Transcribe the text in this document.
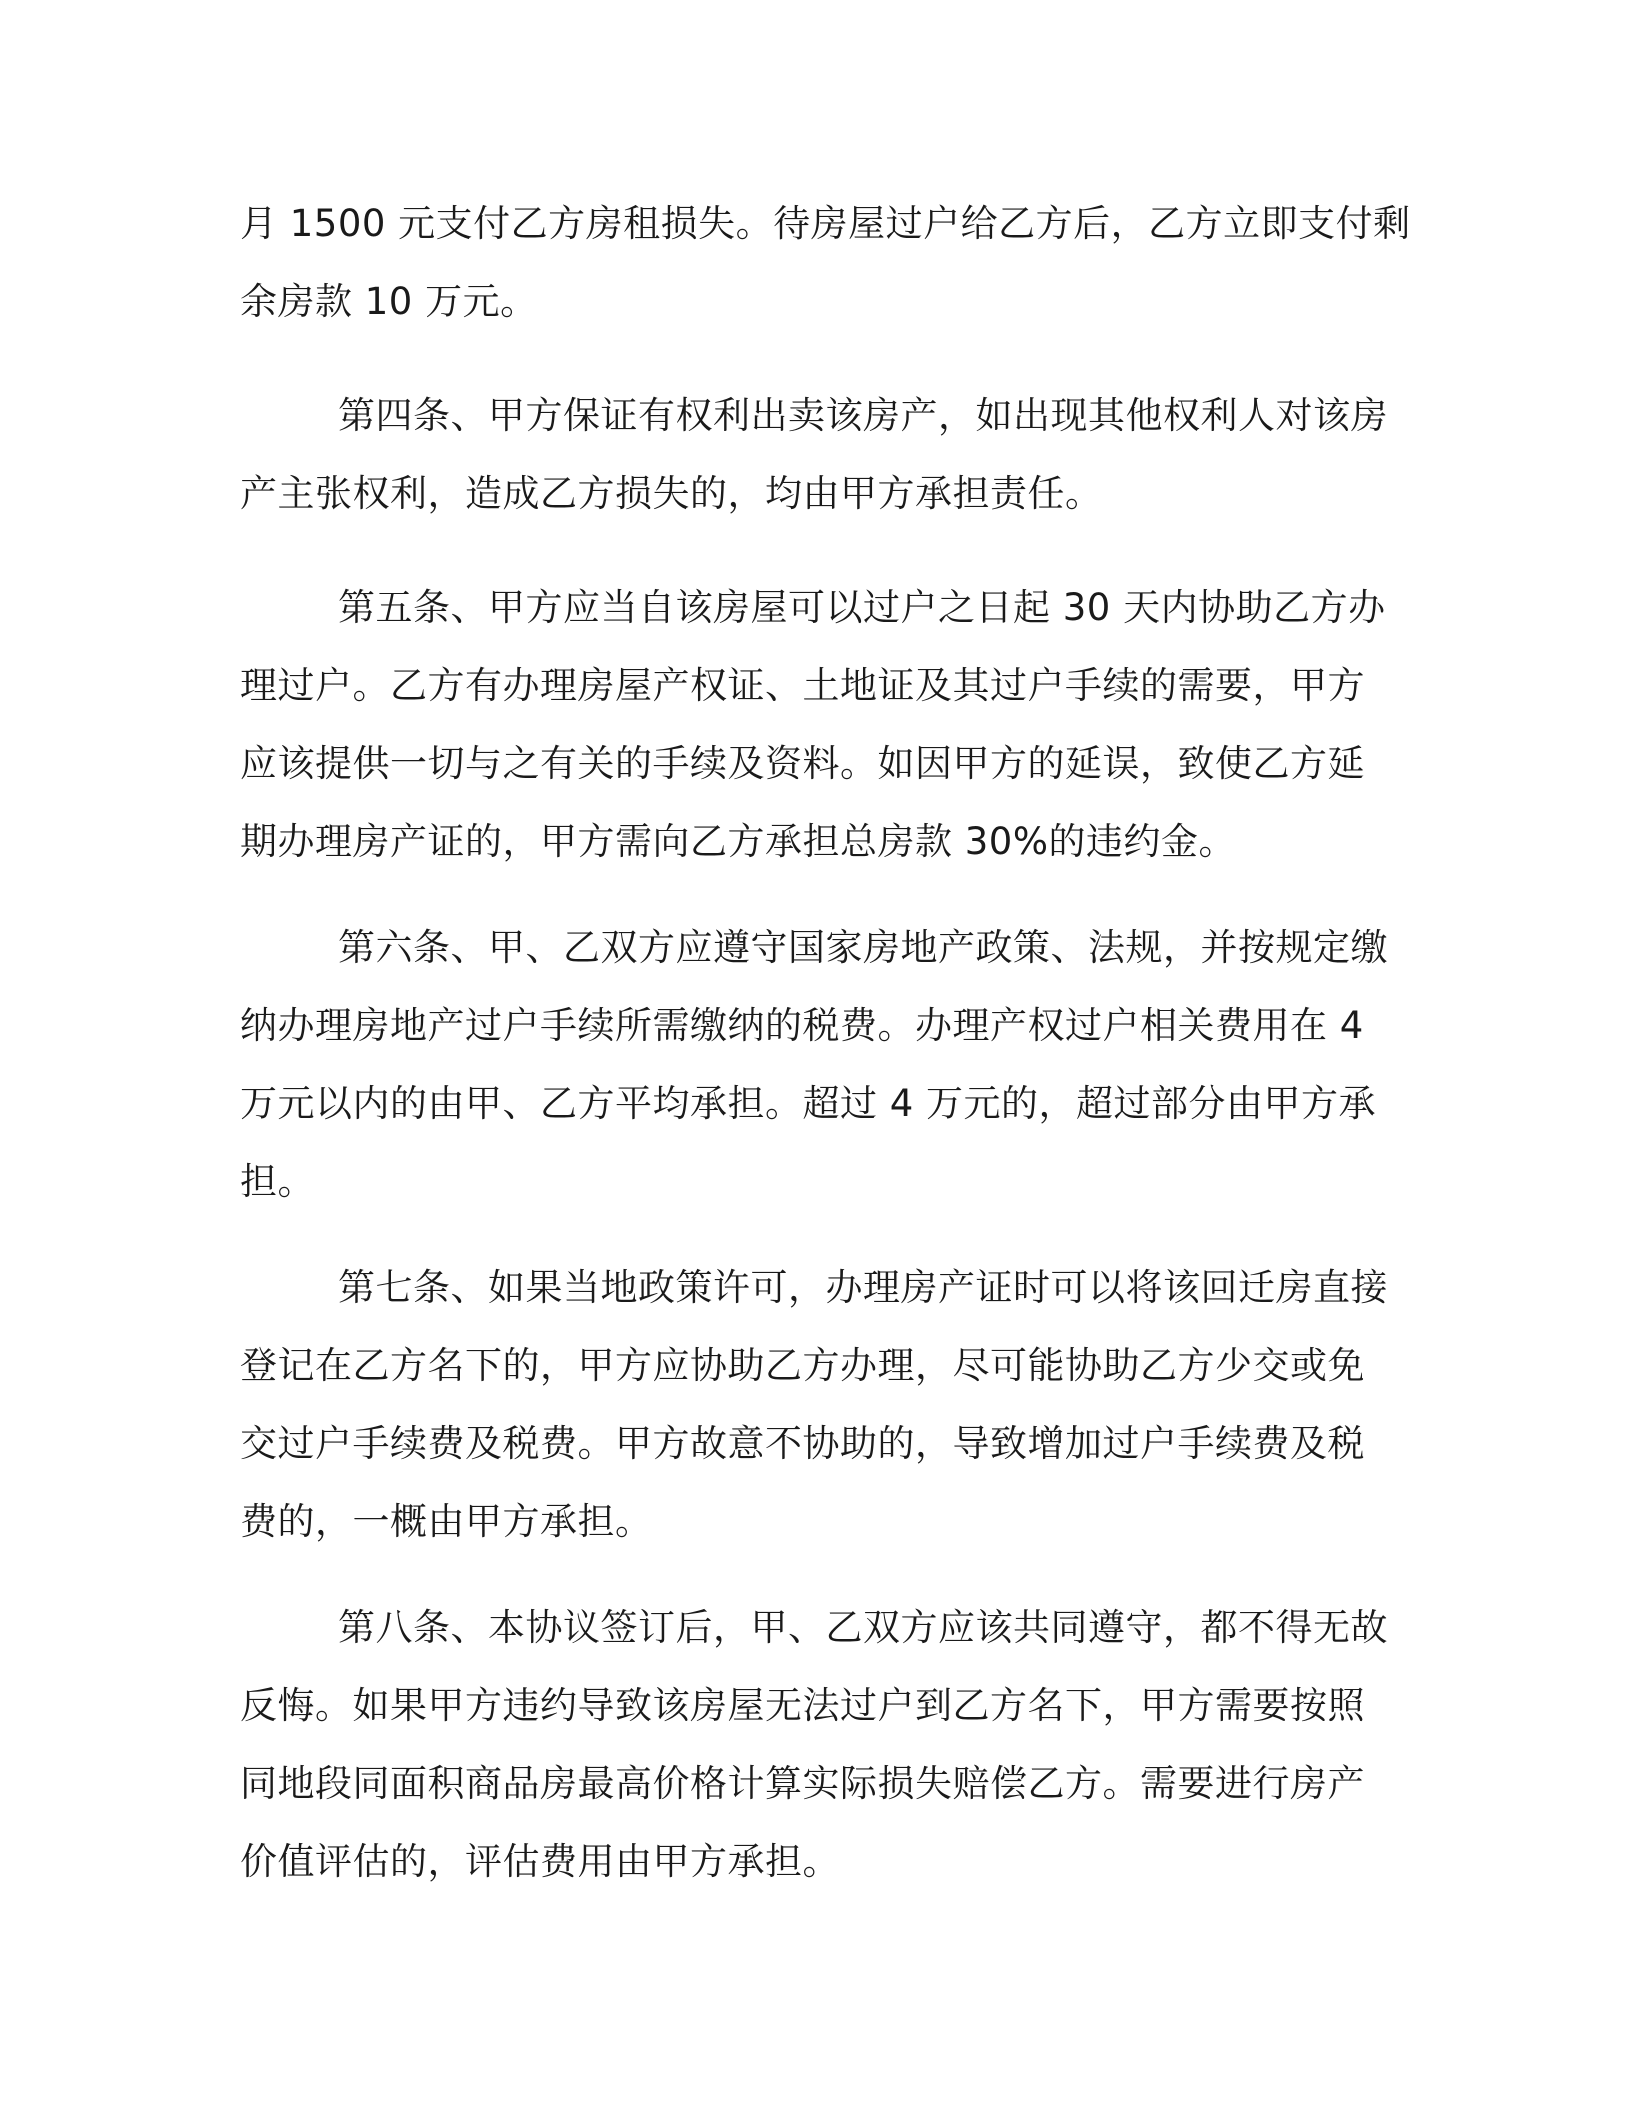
月 1500 元支付乙方房租损失。待房屋过户给乙方后，乙方立即支付剩
余房款 10 万元。
第四条、甲方保证有权利出卖该房产，如出现其他权利人对该房
产主张权利，造成乙方损失的，均由甲方承担责任。
第五条、甲方应当自该房屋可以过户之日起 30 天内协助乙方办
理过户。乙方有办理房屋产权证、土地证及其过户手续的需要，甲方
应该提供一切与之有关的手续及资料。如因甲方的延误，致使乙方延
期办理房产证的，甲方需向乙方承担总房款 30%的违约金。
第六条、甲、乙双方应遵守国家房地产政策、法规，并按规定缴
纳办理房地产过户手续所需缴纳的税费。办理产权过户相关费用在 4
万元以内的由甲、乙方平均承担。超过 4 万元的，超过部分由甲方承
担。
第七条、如果当地政策许可，办理房产证时可以将该回迁房直接
登记在乙方名下的，甲方应协助乙方办理，尽可能协助乙方少交或免
交过户手续费及税费。甲方故意不协助的，导致增加过户手续费及税
费的，一概由甲方承担。
第八条、本协议签订后，甲、乙双方应该共同遵守，都不得无故
反悔。如果甲方违约导致该房屋无法过户到乙方名下，甲方需要按照
同地段同面积商品房最高价格计算实际损失赔偿乙方。需要进行房产
价值评估的，评估费用由甲方承担。
